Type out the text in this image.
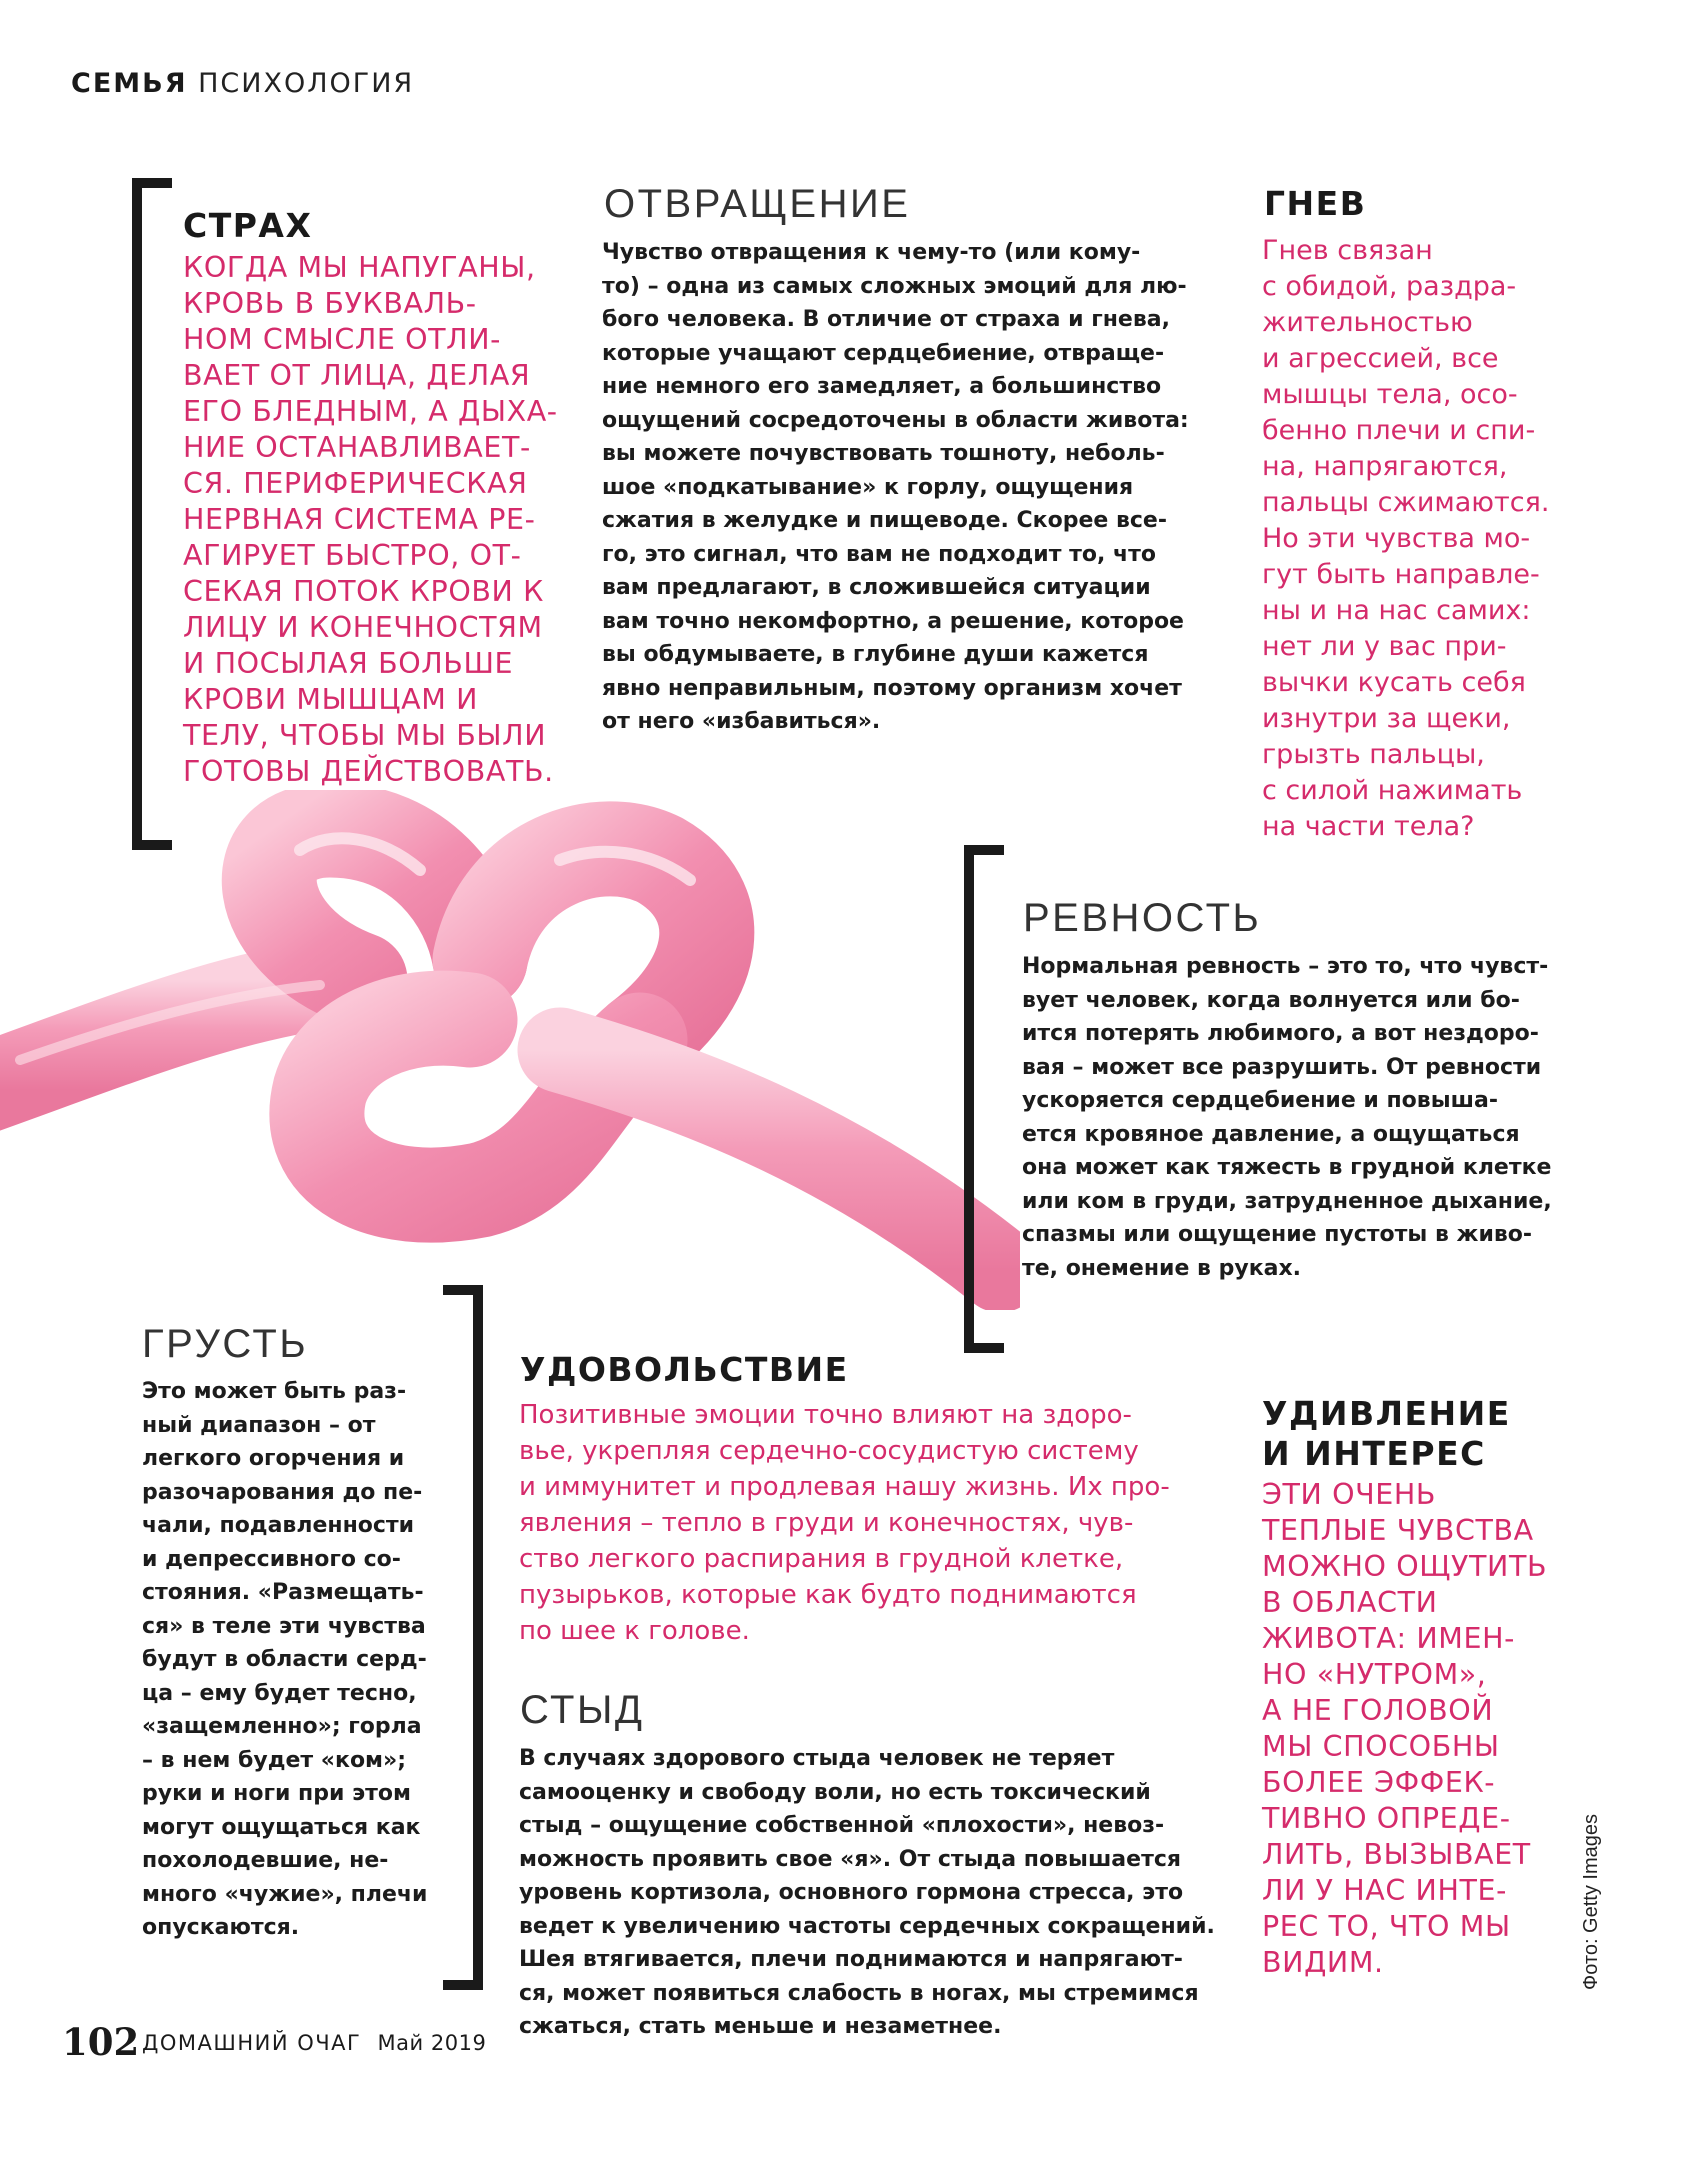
СЕМЬЯ ПСИХОЛОГИЯ
СТРАХ
КОГДА МЫ НАПУГАНЫ,
КРОВЬ В БУКВАЛЬ-
НОМ СМЫСЛЕ ОТЛИ-
ВАЕТ ОТ ЛИЦА, ДЕЛАЯ
ЕГО БЛЕДНЫМ, А ДЫХА-
НИЕ ОСТАНАВЛИВАЕТ-
СЯ. ПЕРИФЕРИЧЕСКАЯ
НЕРВНАЯ СИСТЕМА РЕ-
АГИРУЕТ БЫСТРО, ОТ-
СЕКАЯ ПОТОК КРОВИ К
ЛИЦУ И КОНЕЧНОСТЯМ
И ПОСЫЛАЯ БОЛЬШЕ
КРОВИ МЫШЦАМ И
ТЕЛУ, ЧТОБЫ МЫ БЫЛИ
ГОТОВЫ ДЕЙСТВОВАТЬ.
ОТВРАЩЕНИЕ
Чувство отвращения к чему-то (или кому-
то) – одна из самых сложных эмоций для лю-
бого человека. В отличие от страха и гнева,
которые учащают сердцебиение, отвраще-
ние немного его замедляет, а большинство
ощущений сосредоточены в области живота:
вы можете почувствовать тошноту, неболь-
шое «подкатывание» к горлу, ощущения
сжатия в желудке и пищеводе. Скорее все-
го, это сигнал, что вам не подходит то, что
вам предлагают, в сложившейся ситуации
вам точно некомфортно, а решение, которое
вы обдумываете, в глубине души кажется
явно неправильным, поэтому организм хочет
от него «избавиться».
ГНЕВ
Гнев связан
с обидой, раздра-
жительностью
и агрессией, все
мышцы тела, осо-
бенно плечи и спи-
на, напрягаются,
пальцы сжимаются.
Но эти чувства мо-
гут быть направле-
ны и на нас самих:
нет ли у вас при-
вычки кусать себя
изнутри за щеки,
грызть пальцы,
с силой нажимать
на части тела?
РЕВНОСТЬ
Нормальная ревность – это то, что чувст-
вует человек, когда волнуется или бо-
ится потерять любимого, а вот нездоро-
вая – может все разрушить. От ревности
ускоряется сердцебиение и повыша-
ется кровяное давление, а ощущаться
она может как тяжесть в грудной клетке
или ком в груди, затрудненное дыхание,
спазмы или ощущение пустоты в живо-
те, онемение в руках.
ГРУСТЬ
Это может быть раз-
ный диапазон – от
легкого огорчения и
разочарования до пе-
чали, подавленности
и депрессивного со-
стояния. «Размещать-
ся» в теле эти чувства
будут в области серд-
ца – ему будет тесно,
«защемленно»; горла
– в нем будет «ком»;
руки и ноги при этом
могут ощущаться как
похолодевшие, не-
много «чужие», плечи
опускаются.
УДОВОЛЬСТВИЕ
Позитивные эмоции точно влияют на здоро-
вье, укрепляя сердечно-сосудистую систему
и иммунитет и продлевая нашу жизнь. Их про-
явления – тепло в груди и конечностях, чув-
ство легкого распирания в грудной клетке,
пузырьков, которые как будто поднимаются
по шее к голове.
УДИВЛЕНИЕ
И ИНТЕРЕС
ЭТИ ОЧЕНЬ
ТЕПЛЫЕ ЧУВСТВА
МОЖНО ОЩУТИТЬ
В ОБЛАСТИ
ЖИВОТА: ИМЕН-
НО «НУТРОМ»,
А НЕ ГОЛОВОЙ
МЫ СПОСОБНЫ
БОЛЕЕ ЭФФЕК-
ТИВНО ОПРЕДЕ-
ЛИТЬ, ВЫЗЫВАЕТ
ЛИ У НАС ИНТЕ-
РЕС ТО, ЧТО МЫ
ВИДИМ.
СТЫД
В случаях здорового стыда человек не теряет
самооценку и свободу воли, но есть токсический
стыд – ощущение собственной «плохости», невоз-
можность проявить свое «я». От стыда повышается
уровень кортизола, основного гормона стресса, это
ведет к увеличению частоты сердечных сокращений.
Шея втягивается, плечи поднимаются и напрягают-
ся, может появиться слабость в ногах, мы стремимся
сжаться, стать меньше и незаметнее.
Фото: Getty Images
102 ДОМАШНИЙ ОЧАГ Май 2019
